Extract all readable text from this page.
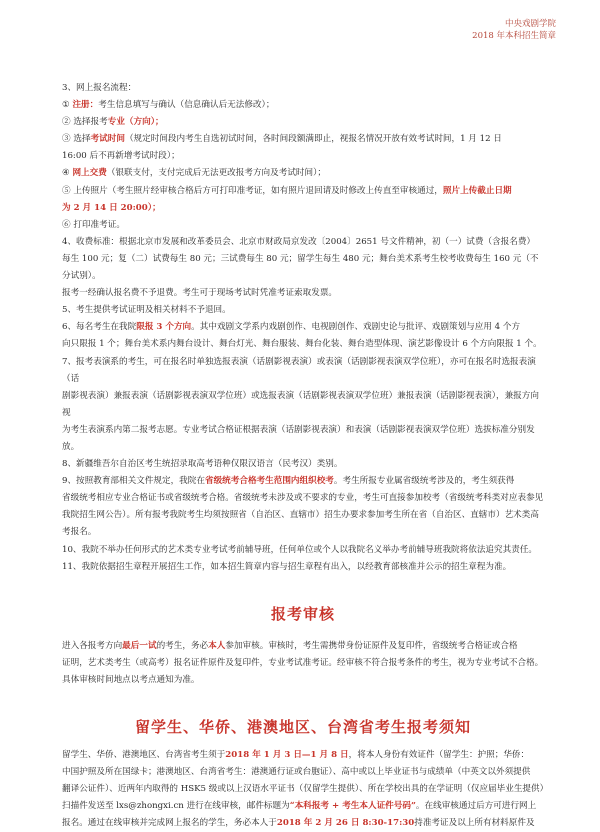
中央戏剧学院
2018 年本科招生简章

3、网上报名流程：

① 注册：考生信息填写与确认（信息确认后无法修改）；

② 选择报考专业（方向）；

③ 选择考试时间（规定时间段内考生自选初试时间，各时间段额满即止，视报名情况开放有效考试时间，1 月 12 日

16:00 后不再新增考试时段）；

④ 网上交费（银联支付，支付完成后无法更改报考方向及考试时间）；

⑤ 上传照片（考生照片经审核合格后方可打印准考证，如有照片退回请及时修改上传直至审核通过，照片上传截止日期

为 2 月 14 日 20:00）；

⑥ 打印准考证。

4、收费标准：根据北京市发展和改革委员会、北京市财政局京发改〔2004〕2651 号文件精神，初（一）试费（含报名费）

每生 100 元；复（二）试费每生 80 元；三试费每生 80 元；留学生每生 480 元；舞台美术系考生校考收费每生 160 元（不分试别）。

报考一经确认报名费不予退费。考生可于现场考试时凭准考证索取发票。

5、考生提供考试证明及相关材料不予退回。

6、每名考生在我院限报 3 个方向。其中戏剧文学系内戏剧创作、电视剧创作、戏剧史论与批评、戏剧策划与应用 4 个方

向只限报 1 个；舞台美术系内舞台设计、舞台灯光、舞台服装、舞台化装、舞台造型体现、演艺影像设计 6 个方向限报 1 个。

7、报考表演系的考生，可在报名时单独选报表演（话剧影视表演）或表演（话剧影视表演双学位班），亦可在报名时选报表演（话

剧影视表演）兼报表演（话剧影视表演双学位班）或选报表演（话剧影视表演双学位班）兼报表演（话剧影视表演），兼报方向视

为考生表演系内第二报考志愿。专业考试合格证根据表演（话剧影视表演）和表演（话剧影视表演双学位班）选拔标准分别发放。

8、新疆维吾尔自治区考生统招录取高考语种仅限汉语言（民考汉）类别。

9、按照教育部相关文件规定，我院在省级统考合格考生范围内组织校考。考生所报专业属省级统考涉及的，考生须获得

省级统考相应专业合格证书或省级统考合格。省级统考未涉及或不要求的专业，考生可直接参加校考（省级统考科类对应表参见

我院招生网公告）。所有报考我院考生均须按照省（自治区、直辖市）招生办要求参加考生所在省（自治区、直辖市）艺术类高

考报名。

10、我院不举办任何形式的艺术类专业考试考前辅导班，任何单位或个人以我院名义举办考前辅导班我院将依法追究其责任。

11、我院依据招生章程开展招生工作，如本招生简章内容与招生章程有出入，以经教育部核准并公示的招生章程为准。

报考审核

进入各报考方向最后一试的考生，务必本人参加审核。审核时，考生需携带身份证原件及复印件，省级统考合格证或合格

证明，艺术类考生（或高考）报名证件原件及复印件，专业考试准考证。经审核不符合报考条件的考生，视为专业考试不合格。

具体审核时间地点以考点通知为准。

留学生、华侨、港澳地区、台湾省考生报考须知

留学生、华侨、港澳地区、台湾省考生须于2018 年 1 月 3 日—1 月 8 日，将本人身份有效证件（留学生：护照；华侨：

中国护照及所在国绿卡；港澳地区、台湾省考生：港澳通行证或台胞证）、高中或以上毕业证书与成绩单（中英文以外须提供

翻译公证件）、近两年内取得的 HSK5 级或以上汉语水平证书（仅留学生提供）、所在学校出具的在学证明（仅应届毕业生提供）

扫描件发送至 lxs@zhongxi.cn 进行在线审核，邮件标题为“本科报考 + 考生本人证件号码”。在线审核通过后方可进行网上

报名。通过在线审核并完成网上报名的学生，务必本人于2018 年 2 月 26 日 8:30-17:30持准考证及以上所有材料原件及
